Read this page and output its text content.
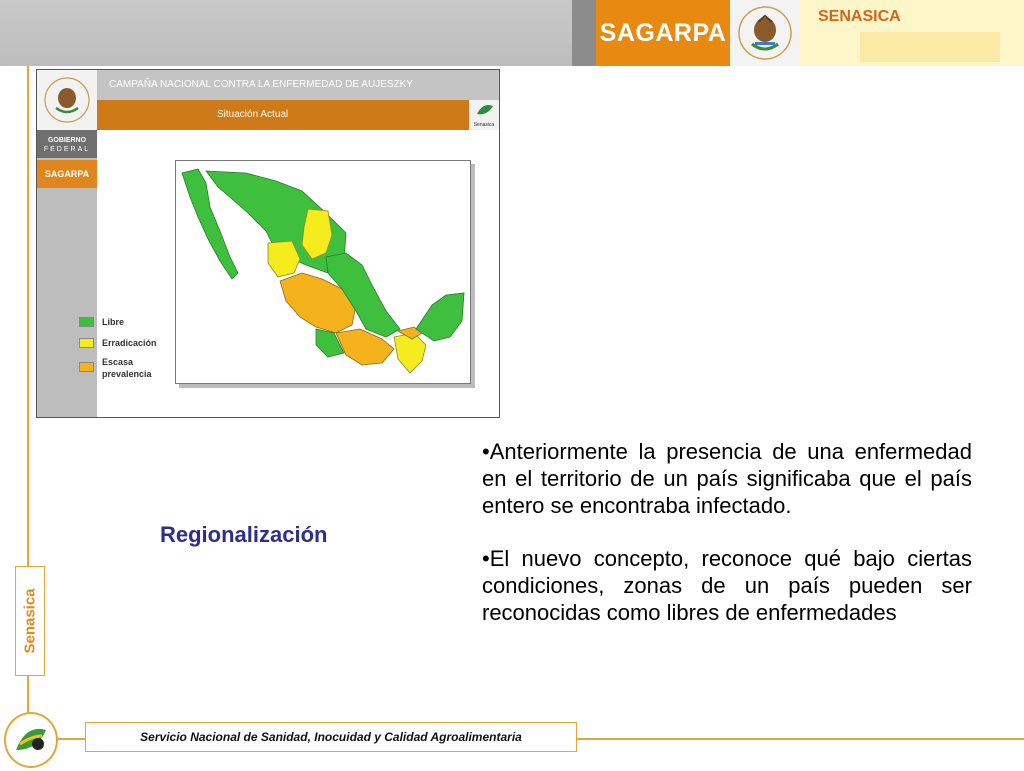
SAGARPA
SENASICA
Senasica
GOBIERNO
FEDERAL
SAGARPA
CAMPAÑA NACIONAL CONTRA LA ENFERMEDAD DE AUJESZKY
Situación Actual
Senasica
Libre
Erradicación
Escasa prevalencia
Regionalización

•Anteriormente la presencia de una enfermedad en el territorio de un país significaba que el país entero se encontraba infectado.

•El nuevo concepto, reconoce qué bajo ciertas condiciones, zonas de un país pueden ser reconocidas como libres de enfermedades

Servicio Nacional de Sanidad, Inocuidad y Calidad Agroalimentaria
